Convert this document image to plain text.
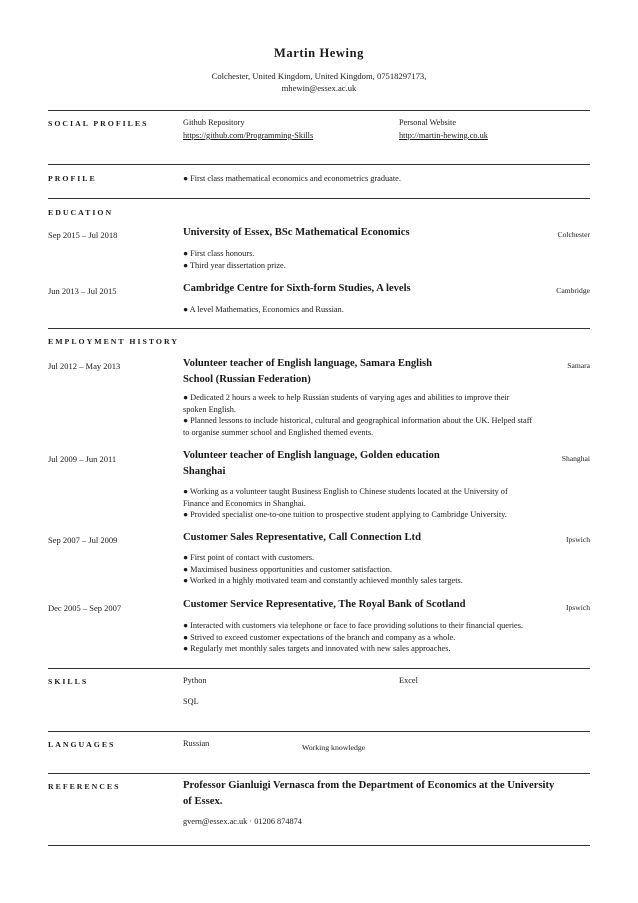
Martin Hewing
Colchester, United Kingdom, United Kingdom, 07518297173,
mhewin@essex.ac.uk
SOCIAL PROFILES	Github Repository
https://github.com/Programming-Skills
Personal Website
http://martin-hewing.co.uk
PROFILE	● First class mathematical economics and econometrics graduate.
EDUCATION
Sep 2015 – Jul 2018	University of Essex, BSc Mathematical Economics	Colchester
● First class honours.
● Third year dissertation prize.
Jun 2013 – Jul 2015	Cambridge Centre for Sixth-form Studies, A levels	Cambridge
● A level Mathematics, Economics and Russian.
EMPLOYMENT HISTORY
Jul 2012 – May 2013	Volunteer teacher of English language, Samara English
School (Russian Federation)
Samara
● Dedicated 2 hours a week to help Russian students of varying ages and abilities to improve their
spoken English.
● Planned lessons to include historical, cultural and geographical information about the UK. Helped staff
to organise summer school and Englished themed events.
Jul 2009 – Jun 2011	Volunteer teacher of English language, Golden education
Shanghai
Shanghai
● Working as a volunteer taught Business English to Chinese students located at the University of
Finance and Economics in Shanghai.
● Provided specialist one-to-one tuition to prospective student applying to Cambridge University.
Sep 2007 – Jul 2009	Customer Sales Representative, Call Connection Ltd	Ipswich
● First point of contact with customers.
● Maximised business opportunities and customer satisfaction.
● Worked in a highly motivated team and constantly achieved monthly sales targets.
Dec 2005 – Sep 2007	Customer Service Representative, The Royal Bank of Scotland	Ipswich
● Interacted with customers via telephone or face to face providing solutions to their financial queries.
● Strived to exceed customer expectations of the branch and company as a whole.
● Regularly met monthly sales targets and innovated with new sales approaches.
SKILLS	Python	Excel
SQL
LANGUAGES	Russian	Working knowledge
REFERENCES	Professor Gianluigi Vernasca from the Department of Economics at the University
of Essex.
gvern@essex.ac.uk · 01206 874874
